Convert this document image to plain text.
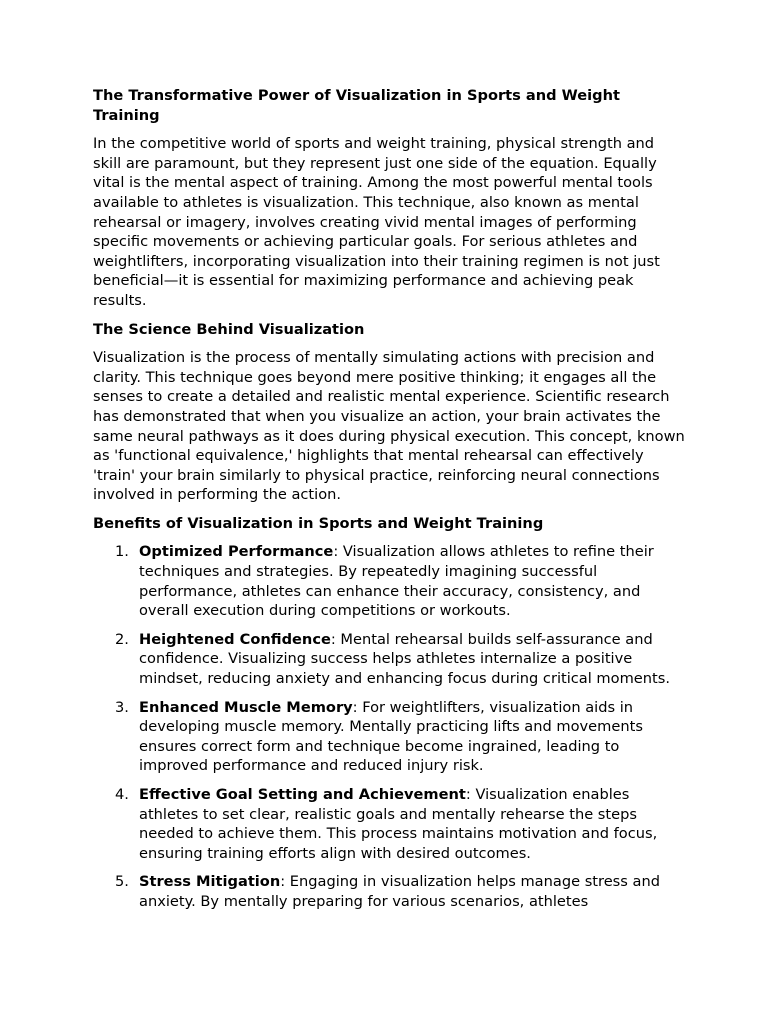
The Transformative Power of Visualization in Sports and Weight Training

In the competitive world of sports and weight training, physical strength and skill are paramount, but they represent just one side of the equation. Equally vital is the mental aspect of training. Among the most powerful mental tools available to athletes is visualization. This technique, also known as mental rehearsal or imagery, involves creating vivid mental images of performing specific movements or achieving particular goals. For serious athletes and weightlifters, incorporating visualization into their training regimen is not just beneficial—it is essential for maximizing performance and achieving peak results.

The Science Behind Visualization

Visualization is the process of mentally simulating actions with precision and clarity. This technique goes beyond mere positive thinking; it engages all the senses to create a detailed and realistic mental experience. Scientific research has demonstrated that when you visualize an action, your brain activates the same neural pathways as it does during physical execution. This concept, known as 'functional equivalence,' highlights that mental rehearsal can effectively 'train' your brain similarly to physical practice, reinforcing neural connections involved in performing the action.

Benefits of Visualization in Sports and Weight Training
1. Optimized Performance: Visualization allows athletes to refine their techniques and strategies. By repeatedly imagining successful performance, athletes can enhance their accuracy, consistency, and overall execution during competitions or workouts.
2. Heightened Confidence: Mental rehearsal builds self-assurance and confidence. Visualizing success helps athletes internalize a positive mindset, reducing anxiety and enhancing focus during critical moments.
3. Enhanced Muscle Memory: For weightlifters, visualization aids in developing muscle memory. Mentally practicing lifts and movements ensures correct form and technique become ingrained, leading to improved performance and reduced injury risk.
4. Effective Goal Setting and Achievement: Visualization enables athletes to set clear, realistic goals and mentally rehearse the steps needed to achieve them. This process maintains motivation and focus, ensuring training efforts align with desired outcomes.
5. Stress Mitigation: Engaging in visualization helps manage stress and anxiety. By mentally preparing for various scenarios, athletes
